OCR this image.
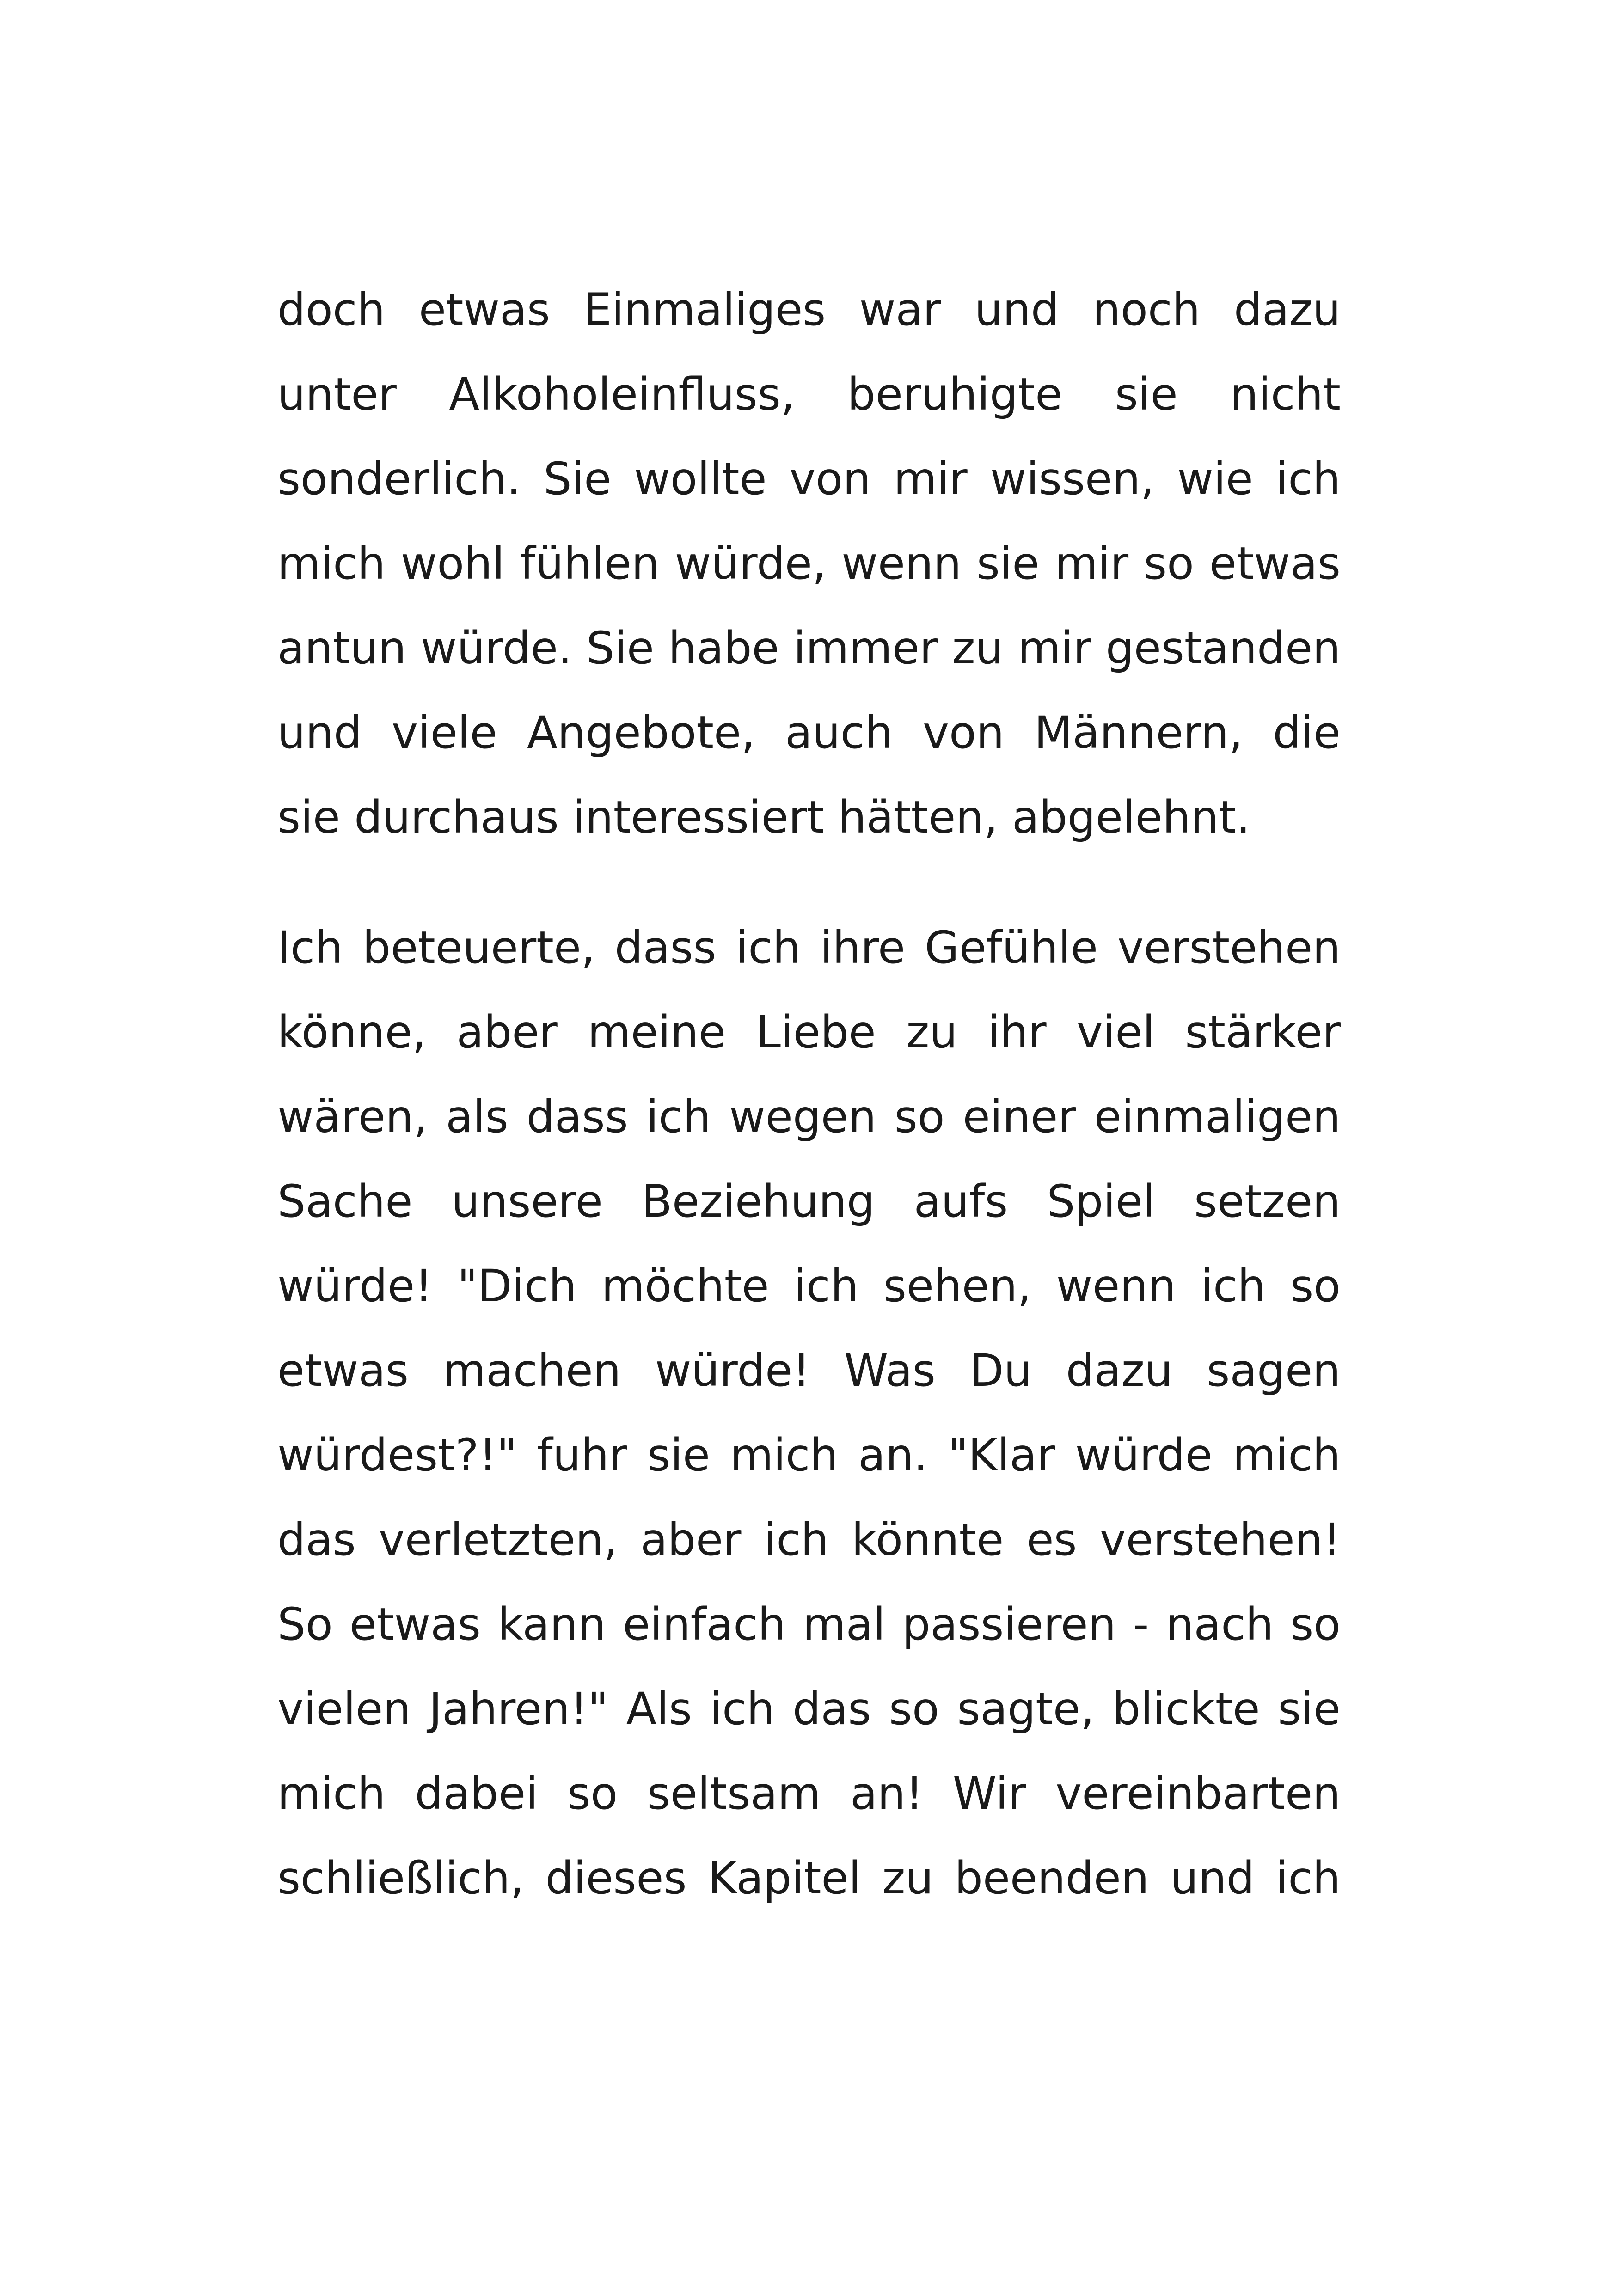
doch etwas Einmaliges war und noch dazu
unter Alkoholeinfluss, beruhigte sie nicht
sonderlich. Sie wollte von mir wissen, wie ich
mich wohl fühlen würde, wenn sie mir so etwas
antun würde. Sie habe immer zu mir gestanden
und viele Angebote, auch von Männern, die
sie durchaus interessiert hätten, abgelehnt.
Ich beteuerte, dass ich ihre Gefühle verstehen
könne, aber meine Liebe zu ihr viel stärker
wären, als dass ich wegen so einer einmaligen
Sache unsere Beziehung aufs Spiel setzen
würde! "Dich möchte ich sehen, wenn ich so
etwas machen würde! Was Du dazu sagen
würdest?!" fuhr sie mich an. "Klar würde mich
das verletzten, aber ich könnte es verstehen!
So etwas kann einfach mal passieren - nach so
vielen Jahren!" Als ich das so sagte, blickte sie
mich dabei so seltsam an! Wir vereinbarten
schließlich, dieses Kapitel zu beenden und ich
